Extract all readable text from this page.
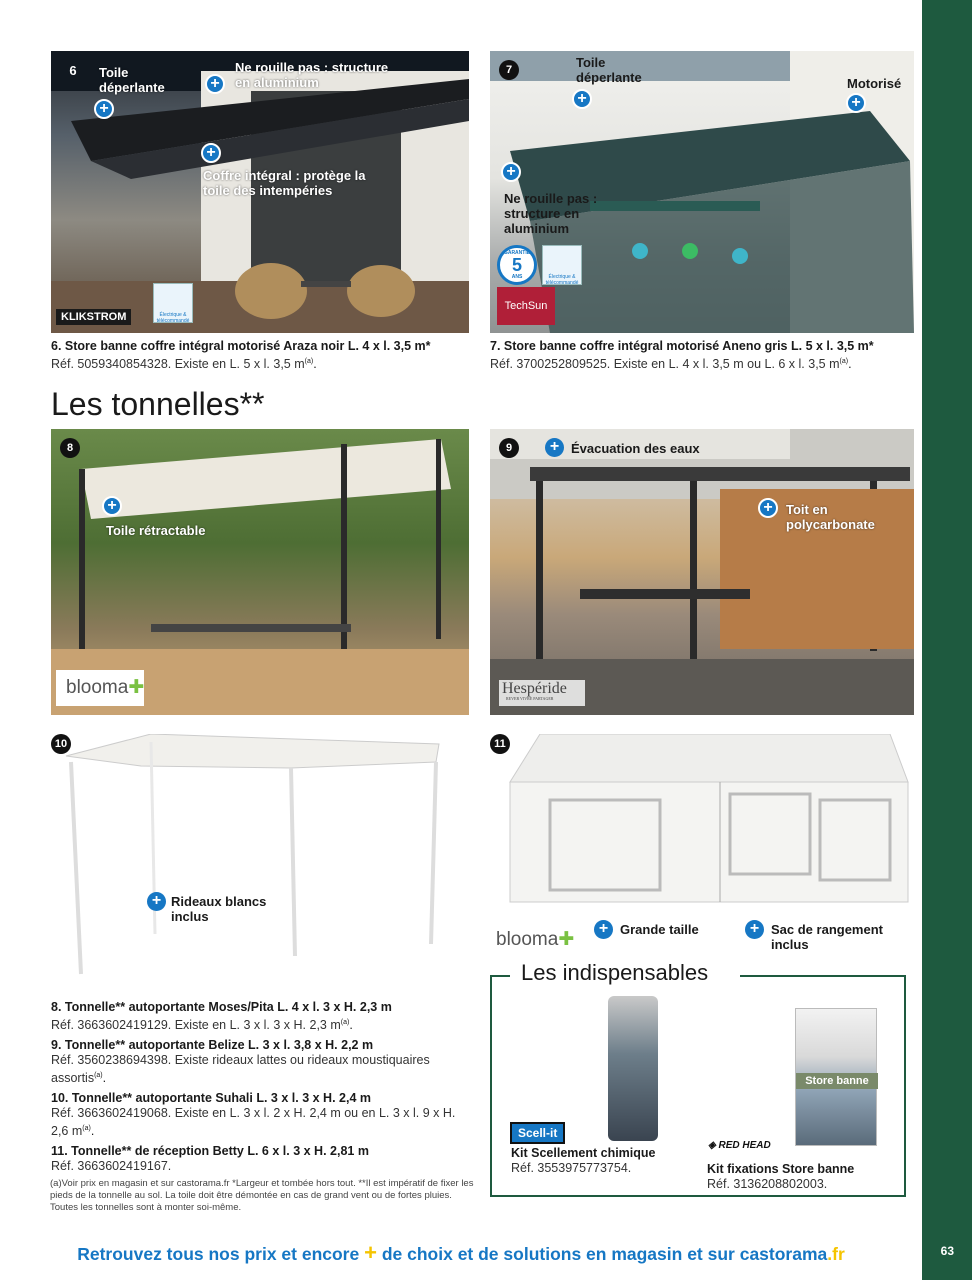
63
6
+
Toile déperlante	+
Ne rouille pas : structure en aluminium
+
Coffre intégral : protège la toile des intempéries
KLIKSTROM	Électrique & télécommandé
6. Store banne coffre intégral motorisé Araza noir L. 4 x l. 3,5 m*
Réf. 5059340854328. Existe en L. 5 x l. 3,5 $m^{(a)}$.
7	Toile déperlante
+
Motorisé
+
+
Ne rouille pas : structure en aluminium
GARANTIE
5
ANS	Électrique & télécommandé
TechSun
7. Store banne coffre intégral motorisé Aneno gris L. 5 x l. 3,5 m*
Réf. 3700252809525. Existe en L. 4 x l. 3,5 m ou L. 6 x l. 3,5 $m^{(a)}$.
Les tonnelles**
8
+
Toile rétractable
blooma✚
9	+ Évacuation des eaux
+	Toit en polycarbonate
Hespéride
REVER VIVRE PARTAGER
10
+ Rideaux blancs inclus
11
blooma✚
+ Grande taille	+ Sac de rangement inclus
8. Tonnelle** autoportante Moses/Pita L. 4 x l. 3 x H. 2,3 m
Réf. 3663602419129. Existe en L. 3 x l. 3 x H. 2,3 $m^{(a)}$.
9. Tonnelle** autoportante Belize L. 3 x l. 3,8 x H. 2,2 m
Réf. 3560238694398. Existe rideaux lattes ou rideaux moustiquaires assortis$^{(a)}$.
10. Tonnelle** autoportante Suhali L. 3 x l. 3 x H. 2,4 m
Réf. 3663602419068. Existe en L. 3 x l. 2 x H. 2,4 m ou en L. 3 x l. 9 x H. 2,6 $m^{(a)}$.
11. Tonnelle** de réception Betty L. 6 x l. 3 x H. 2,81 m
Réf. 3663602419167.
(a)Voir prix en magasin et sur castorama.fr *Largeur et tombée hors tout. **Il est impératif de fixer les pieds de la tonnelle au sol. La toile doit être démontée en cas de grand vent ou de fortes pluies. Toutes les tonnelles sont à monter soi-même.
Les indispensables
Scell-it
Kit Scellement chimique
Réf. 3553975773754.
Store banne
◈ RED HEAD
Kit fixations Store banne
Réf. 3136208802003.
Retrouvez tous nos prix et encore + de choix et de solutions en magasin et sur castorama.fr
